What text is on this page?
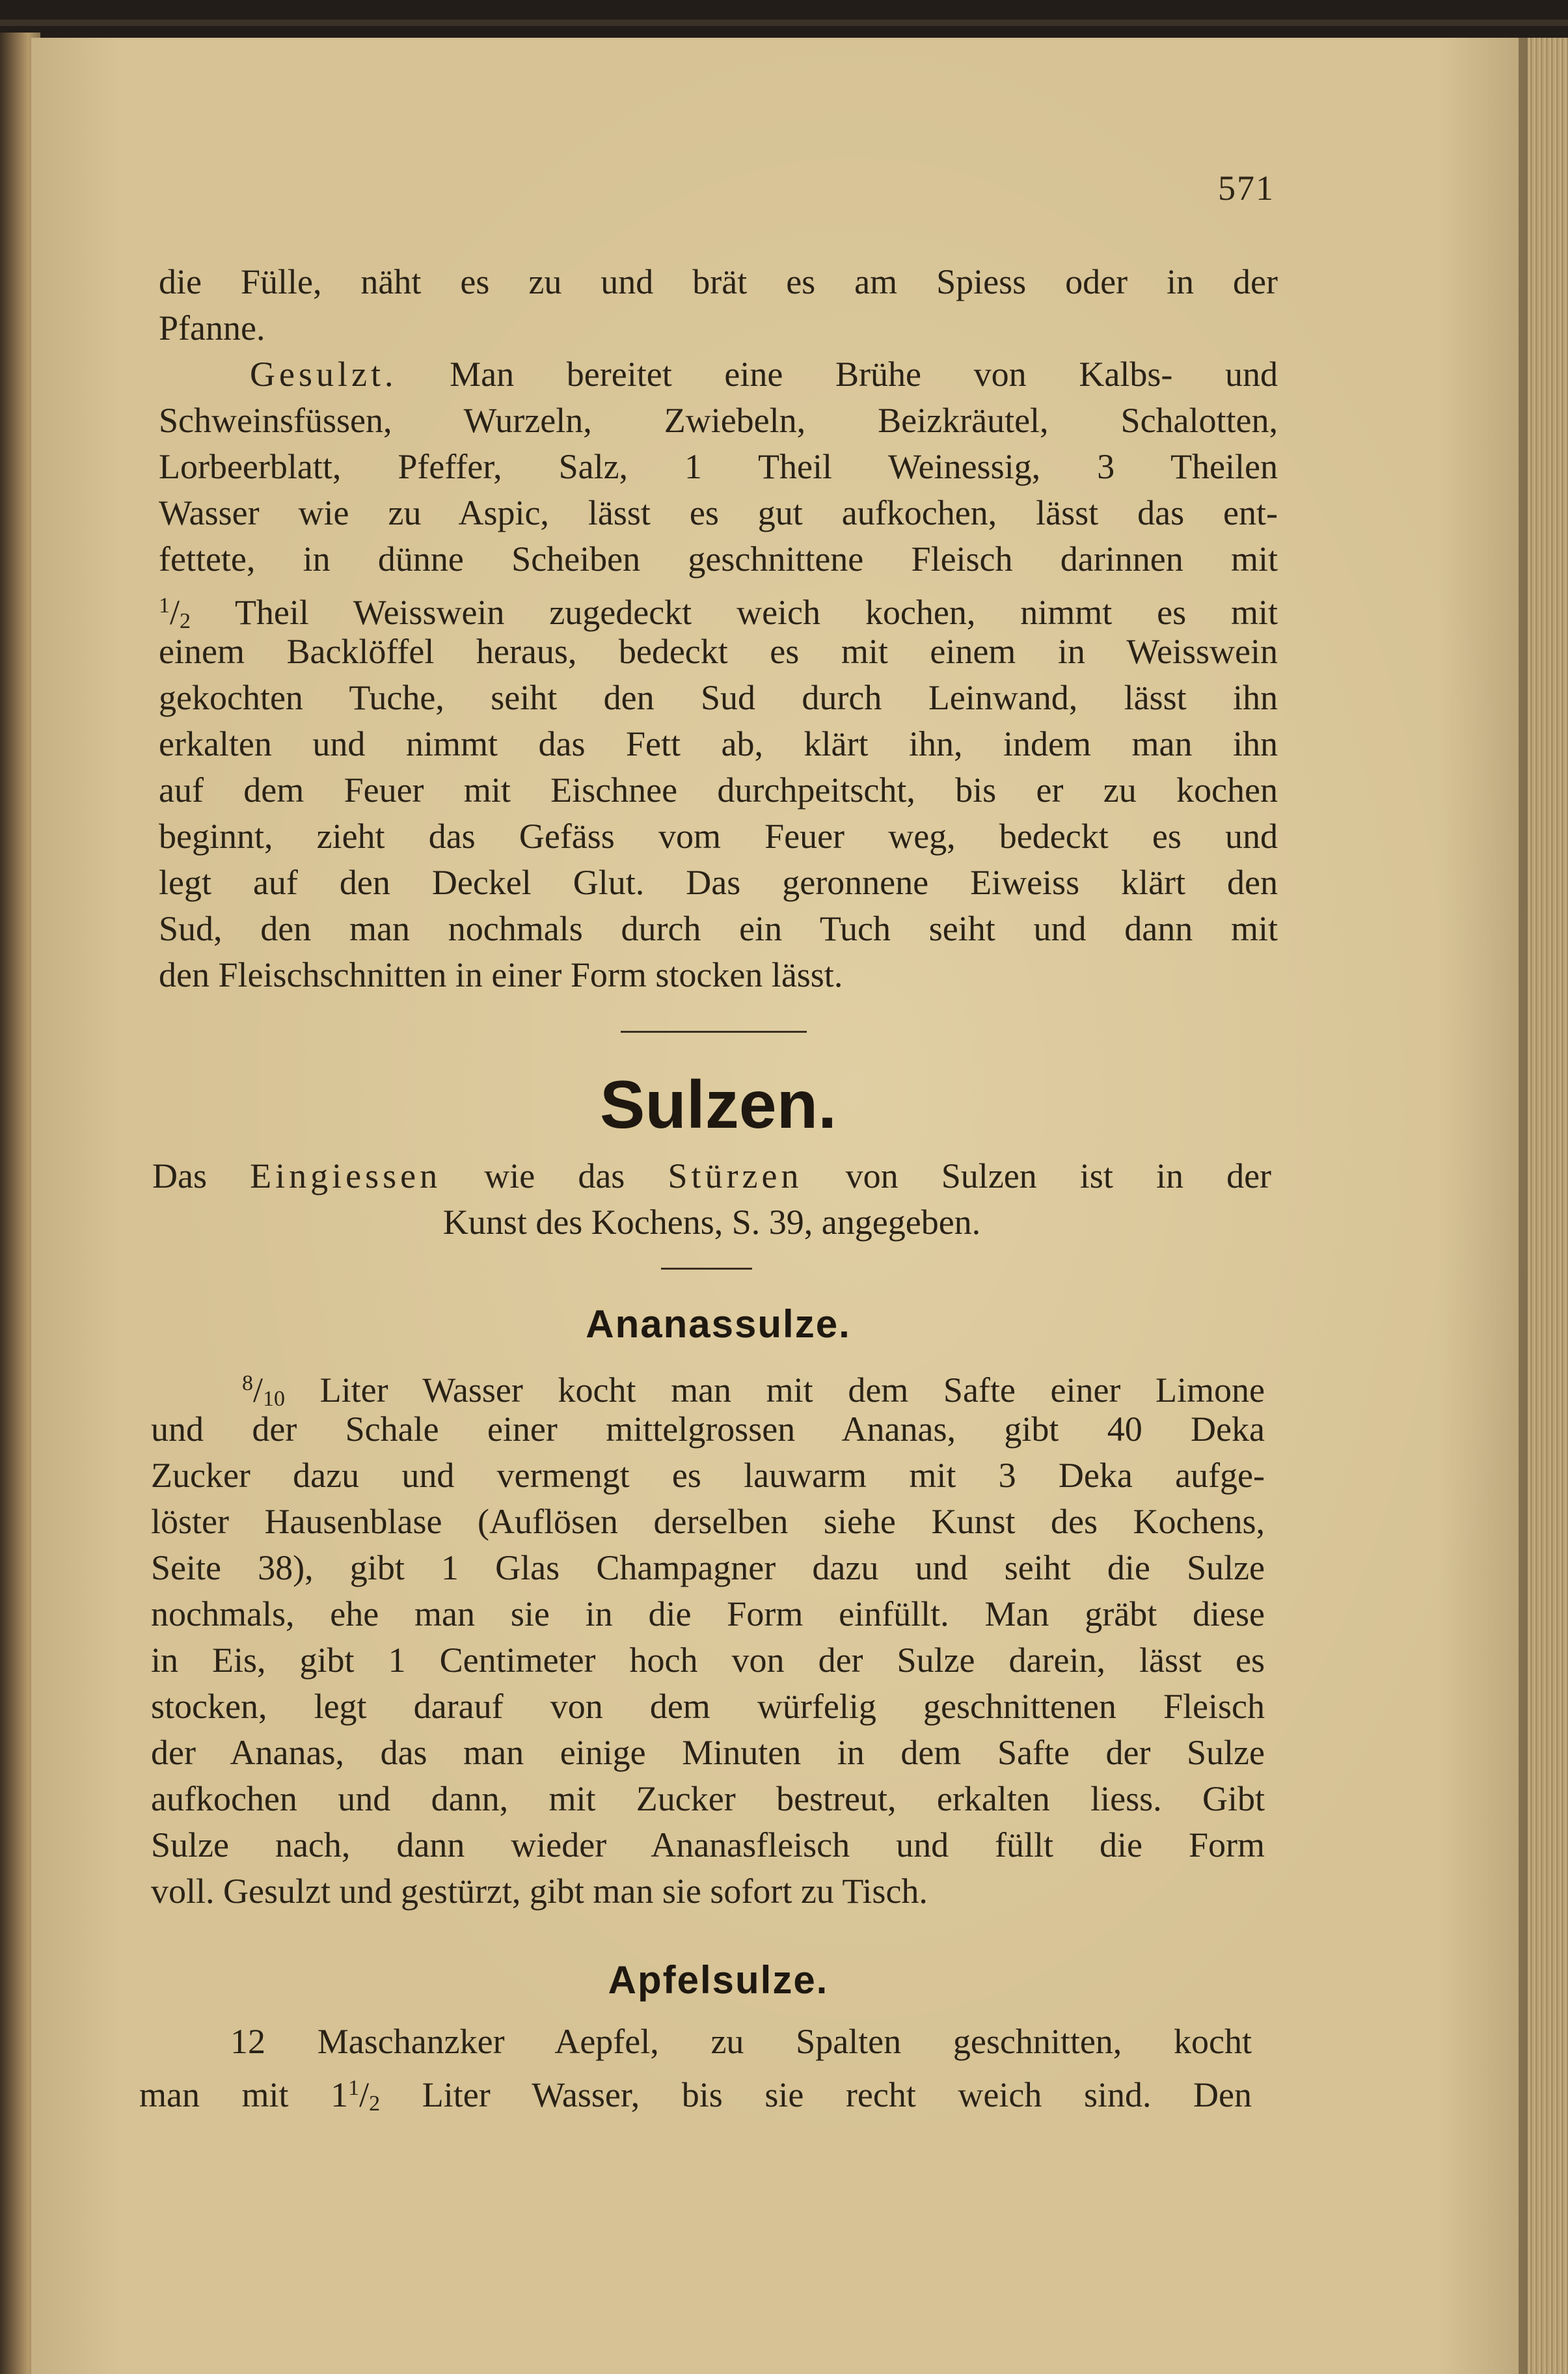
571
die Fülle, näht es zu und brät es am Spiess oder in der
Pfanne.
Gesulzt. Man bereitet eine Brühe von Kalbs- und
Schweinsfüssen, Wurzeln, Zwiebeln, Beizkräutel, Schalotten,
Lorbeerblatt, Pfeffer, Salz, 1 Theil Weinessig, 3 Theilen
Wasser wie zu Aspic, lässt es gut aufkochen, lässt das ent-
fettete, in dünne Scheiben geschnittene Fleisch darinnen mit
$^1$/2 Theil Weisswein zugedeckt weich kochen, nimmt es mit
einem Backlöffel heraus, bedeckt es mit einem in Weisswein
gekochten Tuche, seiht den Sud durch Leinwand, lässt ihn
erkalten und nimmt das Fett ab, klärt ihn, indem man ihn
auf dem Feuer mit Eischnee durchpeitscht, bis er zu kochen
beginnt, zieht das Gefäss vom Feuer weg, bedeckt es und
legt auf den Deckel Glut. Das geronnene Eiweiss klärt den
Sud, den man nochmals durch ein Tuch seiht und dann mit
den Fleischschnitten in einer Form stocken lässt.
Sulzen.
Das Eingiessen wie das Stürzen von Sulzen ist in der
Kunst des Kochens, S. 39, angegeben.
Ananassulze.
$^8$/10 Liter Wasser kocht man mit dem Safte einer Limone
und der Schale einer mittelgrossen Ananas, gibt 40 Deka
Zucker dazu und vermengt es lauwarm mit 3 Deka aufge-
löster Hausenblase (Auflösen derselben siehe Kunst des Kochens,
Seite 38), gibt 1 Glas Champagner dazu und seiht die Sulze
nochmals, ehe man sie in die Form einfüllt. Man gräbt diese
in Eis, gibt 1 Centimeter hoch von der Sulze darein, lässt es
stocken, legt darauf von dem würfelig geschnittenen Fleisch
der Ananas, das man einige Minuten in dem Safte der Sulze
aufkochen und dann, mit Zucker bestreut, erkalten liess. Gibt
Sulze nach, dann wieder Ananasfleisch und füllt die Form
voll. Gesulzt und gestürzt, gibt man sie sofort zu Tisch.
Apfelsulze.
12 Maschanzker Aepfel, zu Spalten geschnitten, kocht
man mit $1^1/2$ Liter Wasser, bis sie recht weich sind. Den
